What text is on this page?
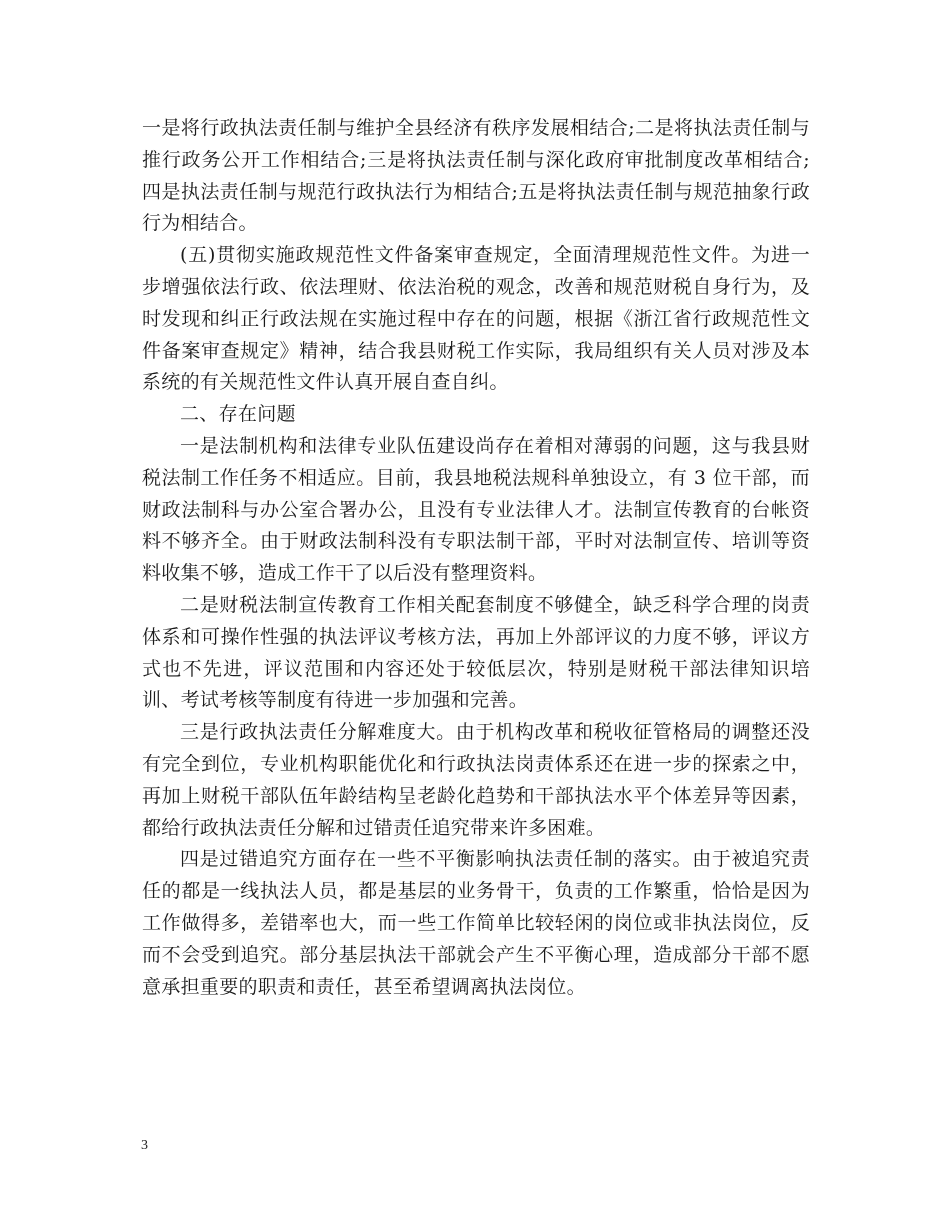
一是将行政执法责任制与维护全县经济有秩序发展相结合;二是将执法责任制与推行政务公开工作相结合;三是将执法责任制与深化政府审批制度改革相结合;四是执法责任制与规范行政执法行为相结合;五是将执法责任制与规范抽象行政行为相结合。

(五)贯彻实施政规范性文件备案审查规定，全面清理规范性文件。为进一步增强依法行政、依法理财、依法治税的观念，改善和规范财税自身行为，及时发现和纠正行政法规在实施过程中存在的问题，根据《浙江省行政规范性文件备案审查规定》精神，结合我县财税工作实际，我局组织有关人员对涉及本系统的有关规范性文件认真开展自查自纠。

二、存在问题

一是法制机构和法律专业队伍建设尚存在着相对薄弱的问题，这与我县财税法制工作任务不相适应。目前，我县地税法规科单独设立，有 3 位干部，而财政法制科与办公室合署办公，且没有专业法律人才。法制宣传教育的台帐资料不够齐全。由于财政法制科没有专职法制干部，平时对法制宣传、培训等资料收集不够，造成工作干了以后没有整理资料。

二是财税法制宣传教育工作相关配套制度不够健全，缺乏科学合理的岗责体系和可操作性强的执法评议考核方法，再加上外部评议的力度不够，评议方式也不先进，评议范围和内容还处于较低层次，特别是财税干部法律知识培训、考试考核等制度有待进一步加强和完善。

三是行政执法责任分解难度大。由于机构改革和税收征管格局的调整还没有完全到位，专业机构职能优化和行政执法岗责体系还在进一步的探索之中，再加上财税干部队伍年龄结构呈老龄化趋势和干部执法水平个体差异等因素，都给行政执法责任分解和过错责任追究带来许多困难。

四是过错追究方面存在一些不平衡影响执法责任制的落实。由于被追究责任的都是一线执法人员，都是基层的业务骨干，负责的工作繁重，恰恰是因为工作做得多，差错率也大，而一些工作简单比较轻闲的岗位或非执法岗位，反而不会受到追究。部分基层执法干部就会产生不平衡心理，造成部分干部不愿意承担重要的职责和责任，甚至希望调离执法岗位。

3
